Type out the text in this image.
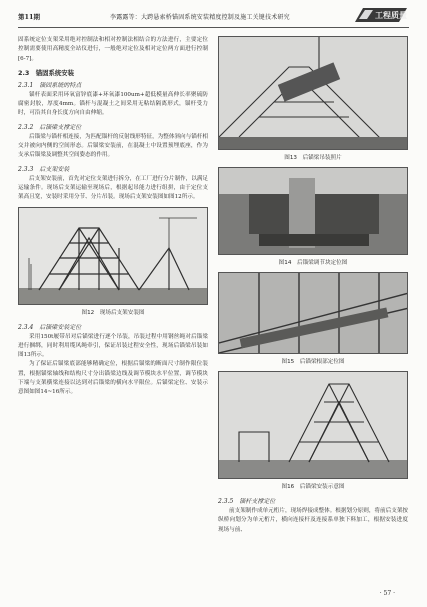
第11期	李露露等：大跨悬索桥锚固系统安装精度控制及施工关键技术研究	工程质量

固系统定位支架采用绝对控制法和相对控制法相结合的方法进行，主要定位控制需要使用高精度全站仪进行，一般绝对定位及相对定位两方面进行控制[6-7]。

2.3　锚固系统安装
2.3.1　锚固系统的特点

锚杆表面采用环氧富锌底漆+环氧漆100um+超低模量高伸长率聚硫防腐密封胶，厚度4mm。锚杆与混凝土之间采用无粘结隔离形式，锚杆受力时，可沿其自身长度方向自由伸缩。

2.3.2　后锚梁支撑定位

后锚梁与锚杆相连接，为匹配锚杆的反射线形特征，为整体斜向与锚杆相交并被向内侧的空间形态。后锚梁安装前，在混凝土中设置预埋底座，作为支承后锚梁及调整其空间姿态的作用。

2.3.3　后支架安装

后支架安装前，首先对定位支架进行拆分，在工厂进行分片制作，以满足运输条件。现场后支架运输至现场后，根据起吊能力进行组拼，由于定位支架高且宽，安装时采用分节、分片吊装。现场后支架安装图如图12所示。

图12　现场后支架安装图
2.3.4　后锚梁安装定位

采用150t履带吊对后锚梁进行逐个吊装，吊装过程中用钢丝绳对后锚梁进行捆绑，同时利用缆风绳牵引，保证吊装过程安全性，现场后锚梁吊装如图13所示。

为了保证后锚梁底部能够精确定位，根据后锚梁的断面尺寸制作限位装置，根据锚梁轴线和结构尺寸分出锚梁边线及调节模块水平位置，调节模块下端与支架横梁连接以达到对后锚梁的横向水平限位。后锚梁定位、安装示意图如图14~16所示。

图13　后锚梁吊装照片
图14　后锚梁调节块定位图
图15　后锚梁根部定位图
图16　后锚梁安装示意图
2.3.5　锚杆支撑定位

前支架制作成单元桁片，现场焊接成整体。根据划分原则，将前后支架按纵桥向划分为单元桁片，横向连接杆及连接系单独下料加工，根据安装进度现场与前、

· 57 ·
